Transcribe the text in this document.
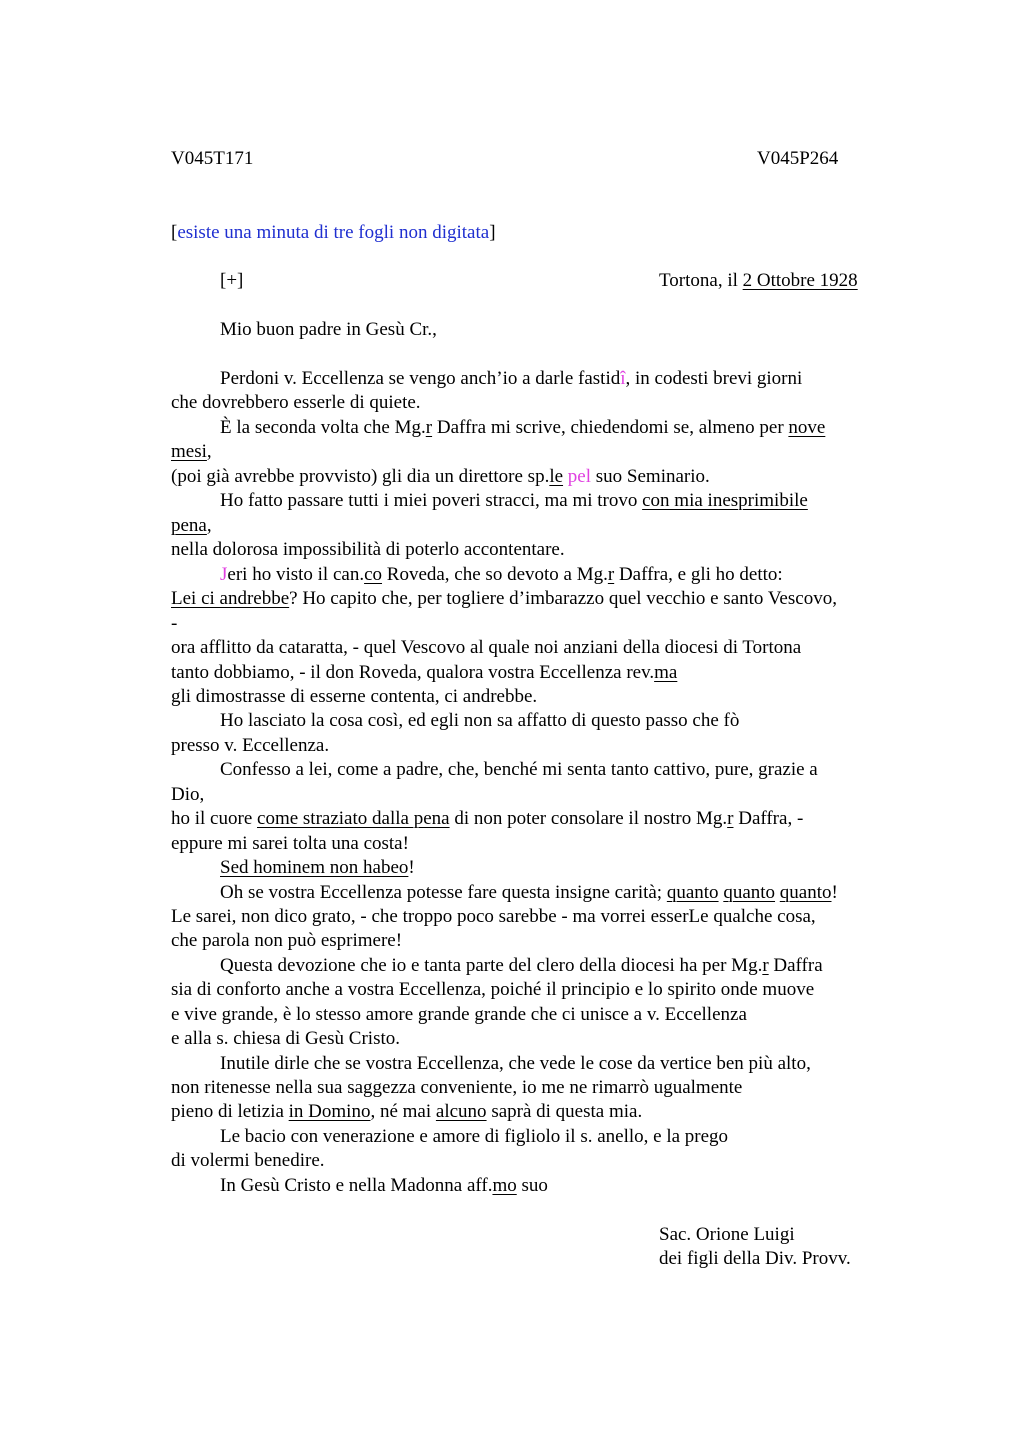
V045T171	V045P264
[esiste una minuta di tre fogli non digitata]
[+]	Tortona, il 2 Ottobre 1928
Mio buon padre in Gesù Cr.,
Perdoni v. Eccellenza se vengo anch’io a darle fastidî, in codesti brevi giorni
che dovrebbero esserle di quiete.
È la seconda volta che Mg.r Daffra mi scrive, chiedendomi se, almeno per nove
mesi,
(poi già avrebbe provvisto) gli dia un direttore sp.le pel suo Seminario.
Ho fatto passare tutti i miei poveri stracci, ma mi trovo con mia inesprimibile
pena,
nella dolorosa impossibilità di poterlo accontentare.
Jeri ho visto il can.co Roveda, che so devoto a Mg.r Daffra, e gli ho detto:
Lei ci andrebbe? Ho capito che, per togliere d’imbarazzo quel vecchio e santo Vescovo,
-
ora afflitto da cataratta, - quel Vescovo al quale noi anziani della diocesi di Tortona
tanto dobbiamo, - il don Roveda, qualora vostra Eccellenza rev.ma
gli dimostrasse di esserne contenta, ci andrebbe.
Ho lasciato la cosa così, ed egli non sa affatto di questo passo che fò
presso v. Eccellenza.
Confesso a lei, come a padre, che, benché mi senta tanto cattivo, pure, grazie a
Dio,
ho il cuore come straziato dalla pena di non poter consolare il nostro Mg.r Daffra, -
eppure mi sarei tolta una costa!
Sed hominem non habeo!
Oh se vostra Eccellenza potesse fare questa insigne carità; quanto quanto quanto!
Le sarei, non dico grato, - che troppo poco sarebbe - ma vorrei esserLe qualche cosa,
che parola non può esprimere!
Questa devozione che io e tanta parte del clero della diocesi ha per Mg.r Daffra
sia di conforto anche a vostra Eccellenza, poiché il principio e lo spirito onde muove
e vive grande, è lo stesso amore grande grande che ci unisce a v. Eccellenza
e alla s. chiesa di Gesù Cristo.
Inutile dirle che se vostra Eccellenza, che vede le cose da vertice ben più alto,
non ritenesse nella sua saggezza conveniente, io me ne rimarrò ugualmente
pieno di letizia in Domino, né mai alcuno saprà di questa mia.
Le bacio con venerazione e amore di figliolo il s. anello, e la prego
di volermi benedire.
In Gesù Cristo e nella Madonna aff.mo suo
Sac. Orione Luigi
dei figli della Div. Provv.
